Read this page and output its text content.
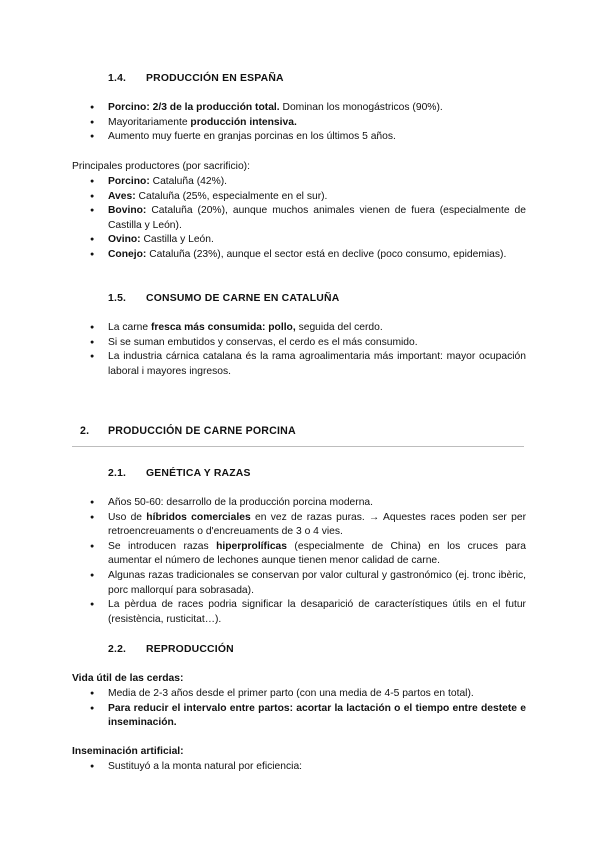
1.4. PRODUCCIÓN EN ESPAÑA
● Porcino: 2/3 de la producción total. Dominan los monogástricos (90%).
● Mayoritariamente producción intensiva.
● Aumento muy fuerte en granjas porcinas en los últimos 5 años.
Principales productores (por sacrificio):
● Porcino: Cataluña (42%).
● Aves: Cataluña (25%, especialmente en el sur).
● Bovino: Cataluña (20%), aunque muchos animales vienen de fuera (especialmente de Castilla y León).
● Ovino: Castilla y León.
● Conejo: Cataluña (23%), aunque el sector está en declive (poco consumo, epidemias).
1.5. CONSUMO DE CARNE EN CATALUÑA
● La carne fresca más consumida: pollo, seguida del cerdo.
● Si se suman embutidos y conservas, el cerdo es el más consumido.
● La industria cárnica catalana és la rama agroalimentaria más important: mayor ocupación laboral i mayores ingresos.
2. PRODUCCIÓN DE CARNE PORCINA
2.1. GENÉTICA Y RAZAS
● Años 50-60: desarrollo de la producción porcina moderna.
● Uso de híbridos comerciales en vez de razas puras. → Aquestes races poden ser per retroencreuaments o d'encreuaments de 3 o 4 vies.
● Se introducen razas hiperprolíficas (especialmente de China) en los cruces para aumentar el número de lechones aunque tienen menor calidad de carne.
● Algunas razas tradicionales se conservan por valor cultural y gastronómico (ej. tronc ibèric, porc mallorquí para sobrasada).
● La pèrdua de races podria significar la desaparició de característiques útils en el futur (resistència, rusticitat…).
2.2. REPRODUCCIÓN
Vida útil de las cerdas:
● Media de 2-3 años desde el primer parto (con una media de 4-5 partos en total).
● Para reducir el intervalo entre partos: acortar la lactación o el tiempo entre destete e inseminación.
Inseminación artificial:
● Sustituyó a la monta natural por eficiencia:
